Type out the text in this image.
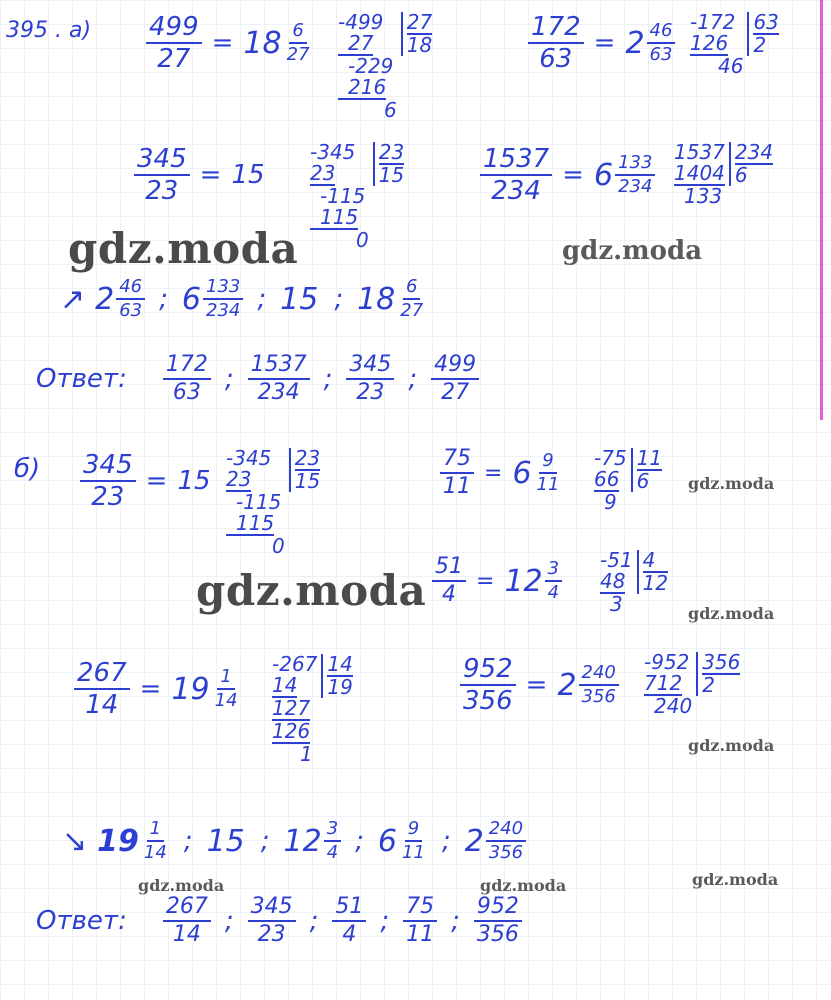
395 . $а) \frac{499}{27} = 18 \frac{6}{27} -499$
27
-229
216
6
27
18	$\frac{172}{63} = 2 \frac{46}{63} -172$
126
46
63
2
$\frac{345}{23} = 15$
-345
23
-115
115
0
23
15	$\frac{1537}{234} = 6 \frac{133}{234}$
1537
1404
133
234
6
gdz.moda	gdz.moda
↗ $2 \frac{46}{63}$ ; $6 \frac{133}{234}$ ; 15 ; $18 \frac{6}{27}$
Ответ: $\frac{172}{63}$ ; $\frac{1537}{234}$ ; $\frac{345}{23}$ ; $\frac{499}{27}$
$б) \frac{345}{23} = 15$
-345
23
-115
115
0
23
15	$\frac{75}{11} = 6 \frac{9}{11} -75$
66
9
11
6	gdz.moda
gdz.moda $\frac{51}{4} = 12 \frac{3}{4} -51$
48
3
4
12
gdz.moda
$\frac{267}{14} = 19 \frac{1}{14}$
-267
14
127
126
1
14
19	$\frac{952}{356} = 2 \frac{240}{356}$
-952
712
240
356
2
gdz.moda
↘ $19 \frac{1}{14}$ ; 15 ; $12 \frac{3}{4}$ ; $6 \frac{9}{11}$ ; $2 \frac{240}{356}$
gdz.moda	gdz.moda	gdz.moda
Ответ: $\frac{267}{14}$ ; $\frac{345}{23}$ ; $\frac{51}{4}$ ; $\frac{75}{11}$ ; $\frac{952}{356}$
